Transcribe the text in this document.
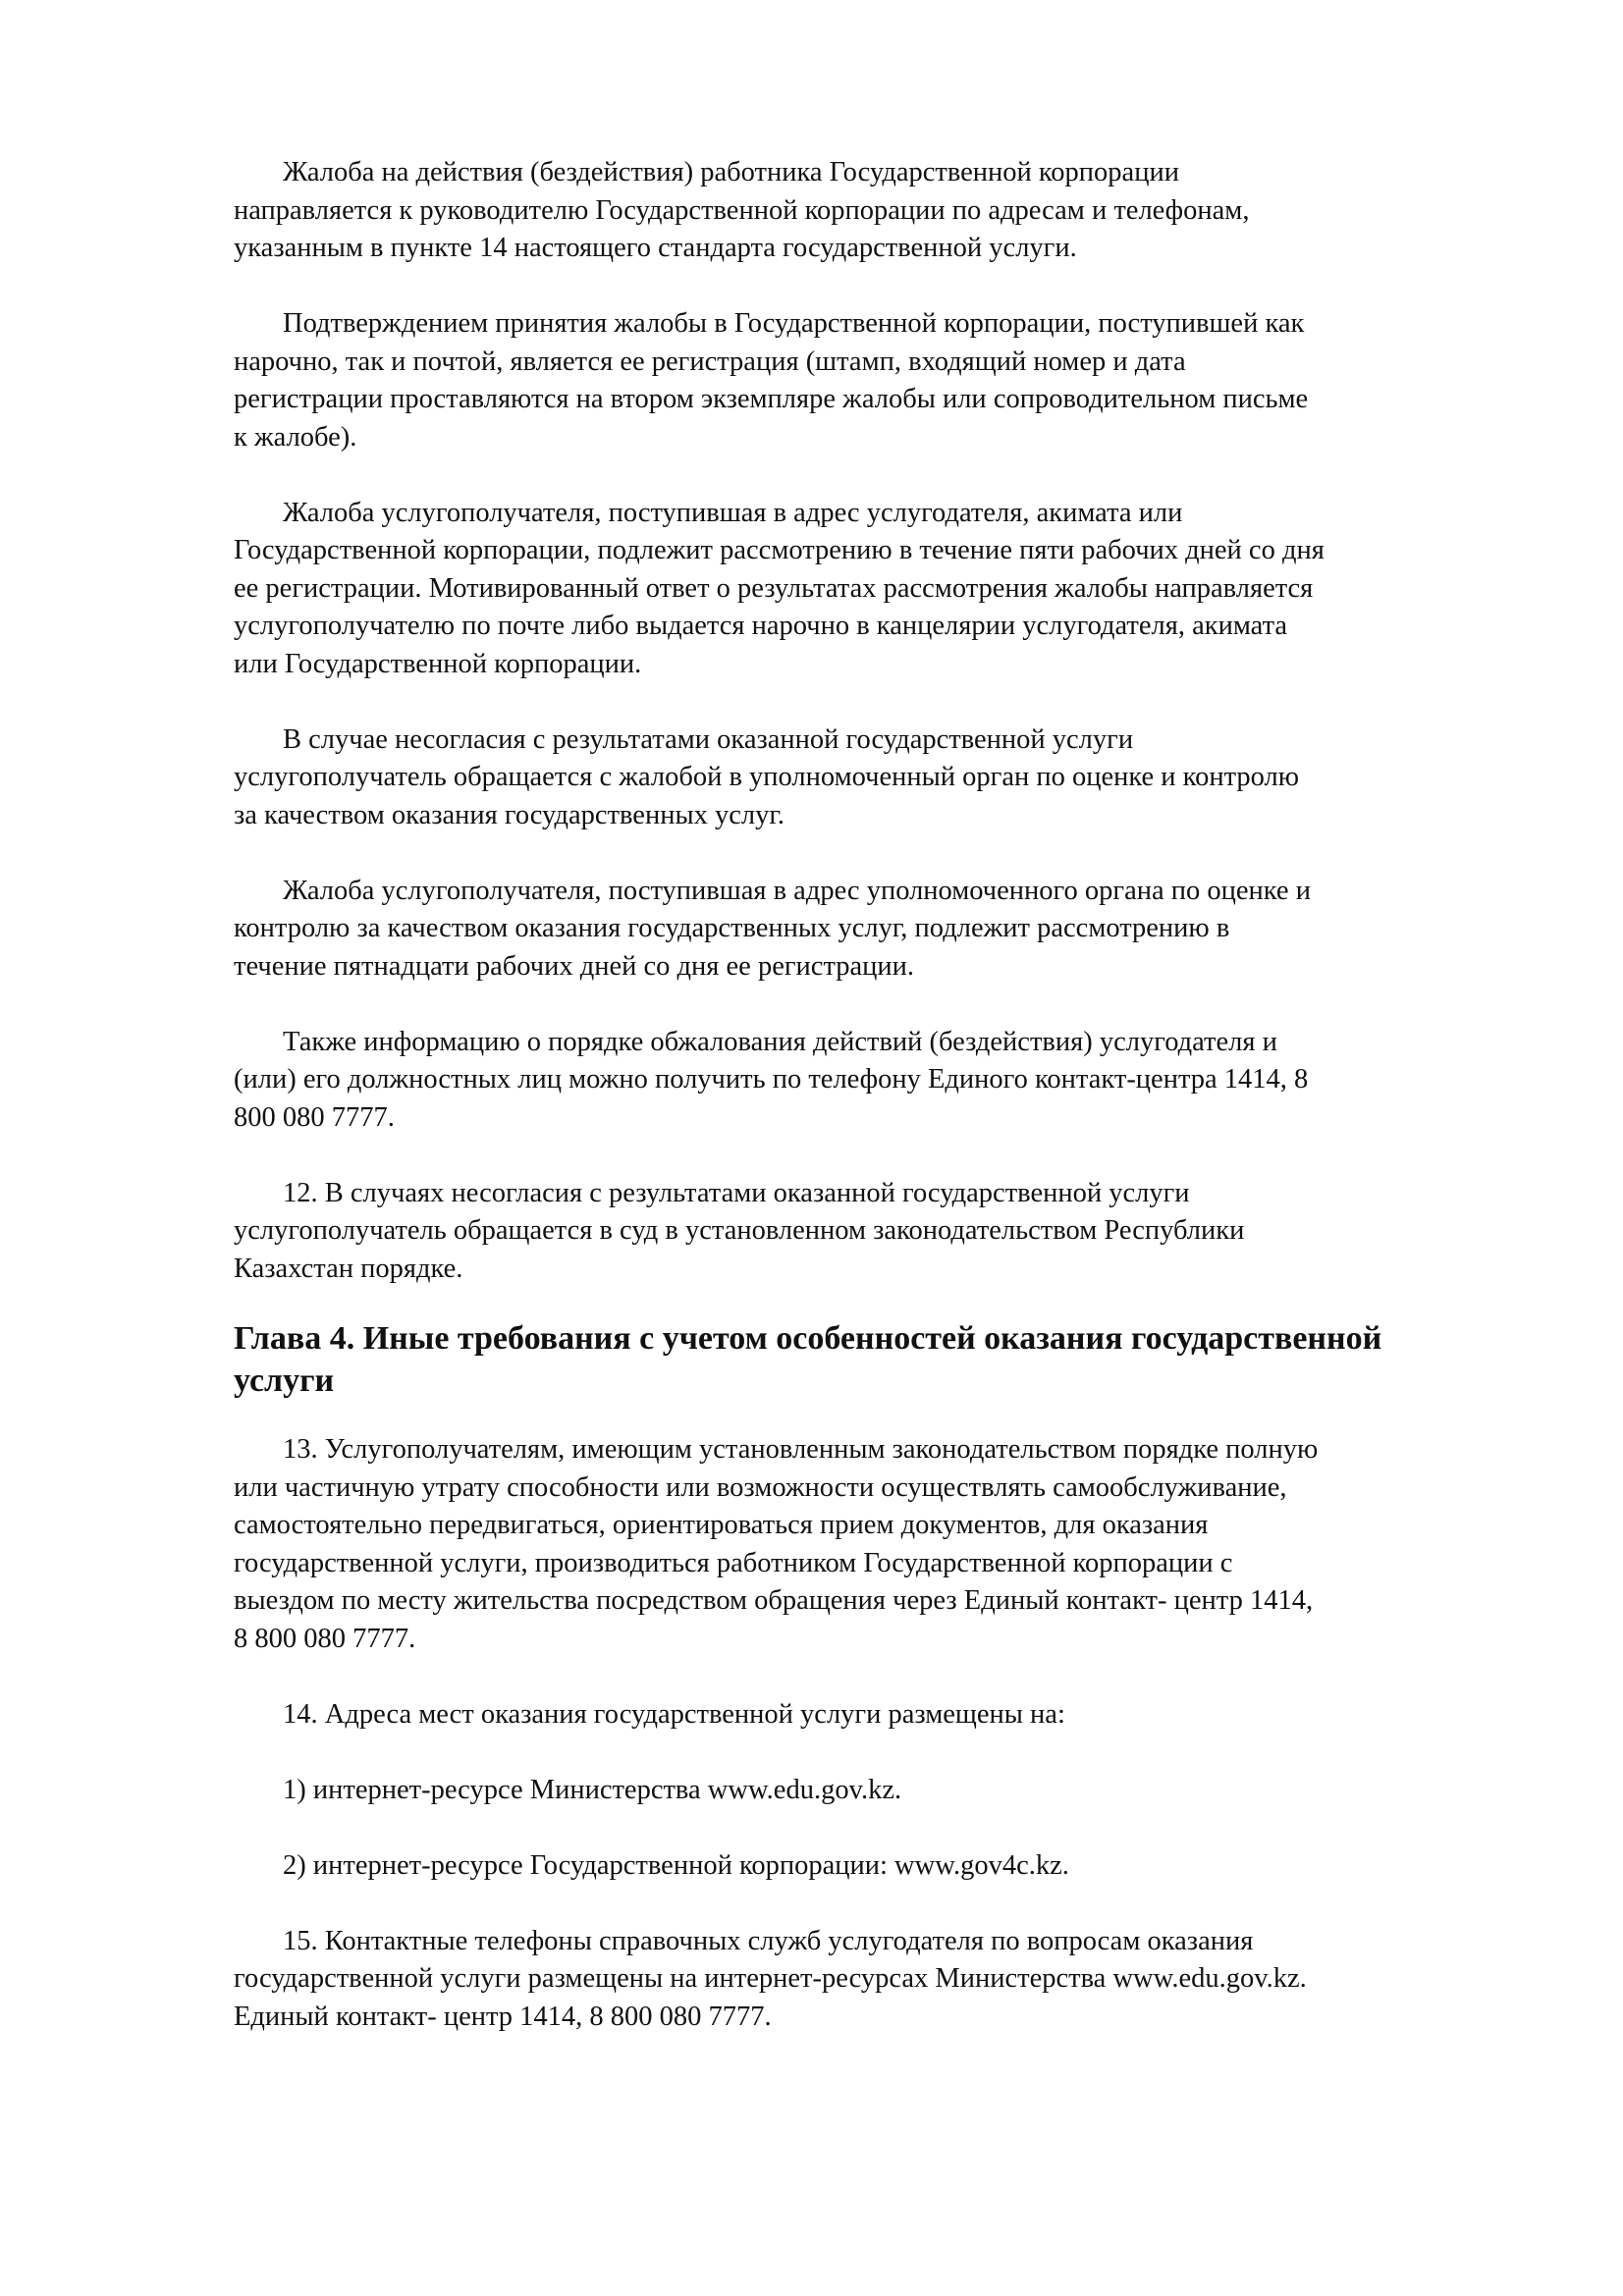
Жалоба на действия (бездействия) работника Государственной корпорации
направляется к руководителю Государственной корпорации по адресам и телефонам,
указанным в пункте 14 настоящего стандарта государственной услуги.

Подтверждением принятия жалобы в Государственной корпорации, поступившей как
нарочно, так и почтой, является ее регистрация (штамп, входящий номер и дата
регистрации проставляются на втором экземпляре жалобы или сопроводительном письме
к жалобе).

Жалоба услугополучателя, поступившая в адрес услугодателя, акимата или
Государственной корпорации, подлежит рассмотрению в течение пяти рабочих дней со дня
ее регистрации. Мотивированный ответ о результатах рассмотрения жалобы направляется
услугополучателю по почте либо выдается нарочно в канцелярии услугодателя, акимата
или Государственной корпорации.

В случае несогласия с результатами оказанной государственной услуги
услугополучатель обращается с жалобой в уполномоченный орган по оценке и контролю
за качеством оказания государственных услуг.

Жалоба услугополучателя, поступившая в адрес уполномоченного органа по оценке и
контролю за качеством оказания государственных услуг, подлежит рассмотрению в
течение пятнадцати рабочих дней со дня ее регистрации.

Также информацию о порядке обжалования действий (бездействия) услугодателя и
(или) его должностных лиц можно получить по телефону Единого контакт-центра 1414, 8
800 080 7777.

12. В случаях несогласия с результатами оказанной государственной услуги
услугополучатель обращается в суд в установленном законодательством Республики
Казахстан порядке.

Глава 4. Иные требования с учетом особенностей оказания государственной
услуги

13. Услугополучателям, имеющим установленным законодательством порядке полную
или частичную утрату способности или возможности осуществлять самообслуживание,
самостоятельно передвигаться, ориентироваться прием документов, для оказания
государственной услуги, производиться работником Государственной корпорации с
выездом по месту жительства посредством обращения через Единый контакт- центр 1414,
8 800 080 7777.

14. Адреса мест оказания государственной услуги размещены на:

1) интернет-ресурсе Министерства www.edu.gov.kz.

2) интернет-ресурсе Государственной корпорации: www.gov4c.kz.

15. Контактные телефоны справочных служб услугодателя по вопросам оказания
государственной услуги размещены на интернет-ресурсах Министерства www.edu.gov.kz.
Единый контакт- центр 1414, 8 800 080 7777.
